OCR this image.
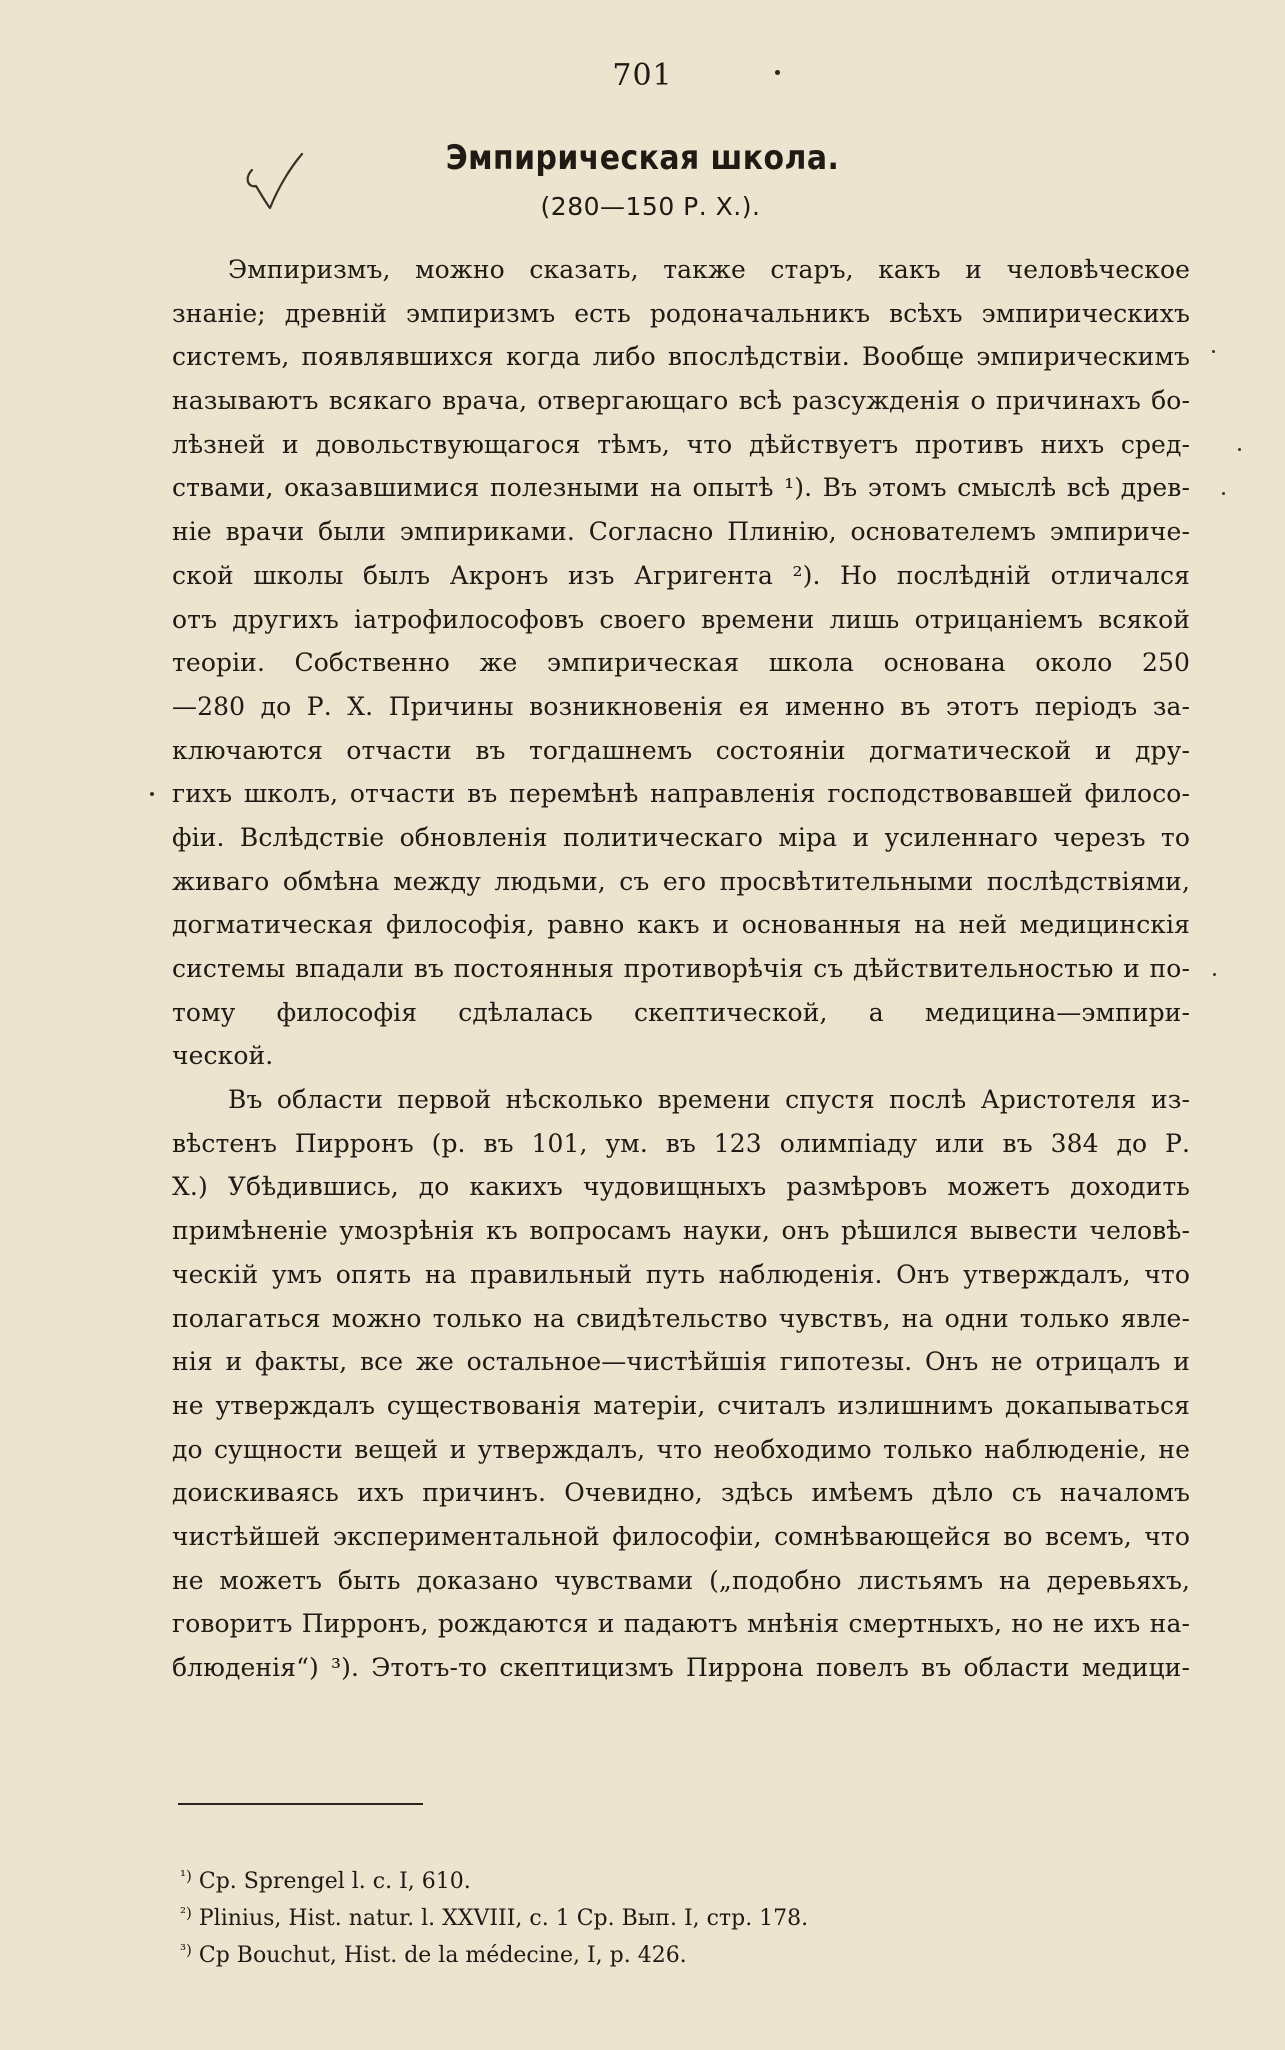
701
Эмпирическая школа.
(280—150 Р. Х.).
Эмпиризмъ, можно сказать, также старъ, какъ и человѣческое
знаніе; древній эмпиризмъ есть родоначальникъ всѣхъ эмпирическихъ
системъ, появлявшихся когда либо впослѣдствіи. Вообще эмпирическимъ
называютъ всякаго врача, отвергающаго всѣ разсужденія о причинахъ бо-
лѣзней и довольствующагося тѣмъ, что дѣйствуетъ противъ нихъ сред-
ствами, оказавшимися полезными на опытѣ ¹). Въ этомъ смыслѣ всѣ древ-
ніе врачи были эмпириками. Согласно Плинію, основателемъ эмпириче-
ской школы былъ Акронъ изъ Агригента ²). Но послѣдній отличался
отъ другихъ іатрофилософовъ своего времени лишь отрицаніемъ всякой
теоріи. Собственно же эмпирическая школа основана около 250
—280 до Р. Х. Причины возникновенія ея именно въ этотъ періодъ за-
ключаются отчасти въ тогдашнемъ состояніи догматической и дру-
гихъ школъ, отчасти въ перемѣнѣ направленія господствовавшей филосо-
фіи. Вслѣдствіе обновленія политическаго міра и усиленнаго черезъ то
живаго обмѣна между людьми, съ его просвѣтительными послѣдствіями,
догматическая философія, равно какъ и основанныя на ней медицинскія
системы впадали въ постоянныя противорѣчія съ дѣйствительностью и по-
тому философія сдѣлалась скептической, а медицина—эмпири-
ческой.
Въ области первой нѣсколько времени спустя послѣ Аристотеля из-
вѣстенъ Пирронъ (р. въ 101, ум. въ 123 олимпіаду или въ 384 до Р.
Х.) Убѣдившись, до какихъ чудовищныхъ размѣровъ можетъ доходить
примѣненіе умозрѣнія къ вопросамъ науки, онъ рѣшился вывести человѣ-
ческій умъ опять на правильный путь наблюденія. Онъ утверждалъ, что
полагаться можно только на свидѣтельство чувствъ, на одни только явле-
нія и факты, все же остальное—чистѣйшія гипотезы. Онъ не отрицалъ и
не утверждалъ существованія матеріи, считалъ излишнимъ докапываться
до сущности вещей и утверждалъ, что необходимо только наблюденіе, не
доискиваясь ихъ причинъ. Очевидно, здѣсь имѣемъ дѣло съ началомъ
чистѣйшей экспериментальной философіи, сомнѣвающейся во всемъ, что
не можетъ быть доказано чувствами („подобно листьямъ на деревьяхъ,
говоритъ Пирронъ, рождаются и падаютъ мнѣнія смертныхъ, но не ихъ на-
блюденія“) ³). Этотъ-то скептицизмъ Пиррона повелъ въ области медици-
$^{^1)}$ Cp. Sprengel l. c. I, 610.
$^{^2)}$ Plinius, Hist. natur. l. XXVIII, c. 1 Cp. Вып. I, стр. 178.
$^{^3)}$ Cp Bouchut, Hist. de la médecine, I, p. 426.
